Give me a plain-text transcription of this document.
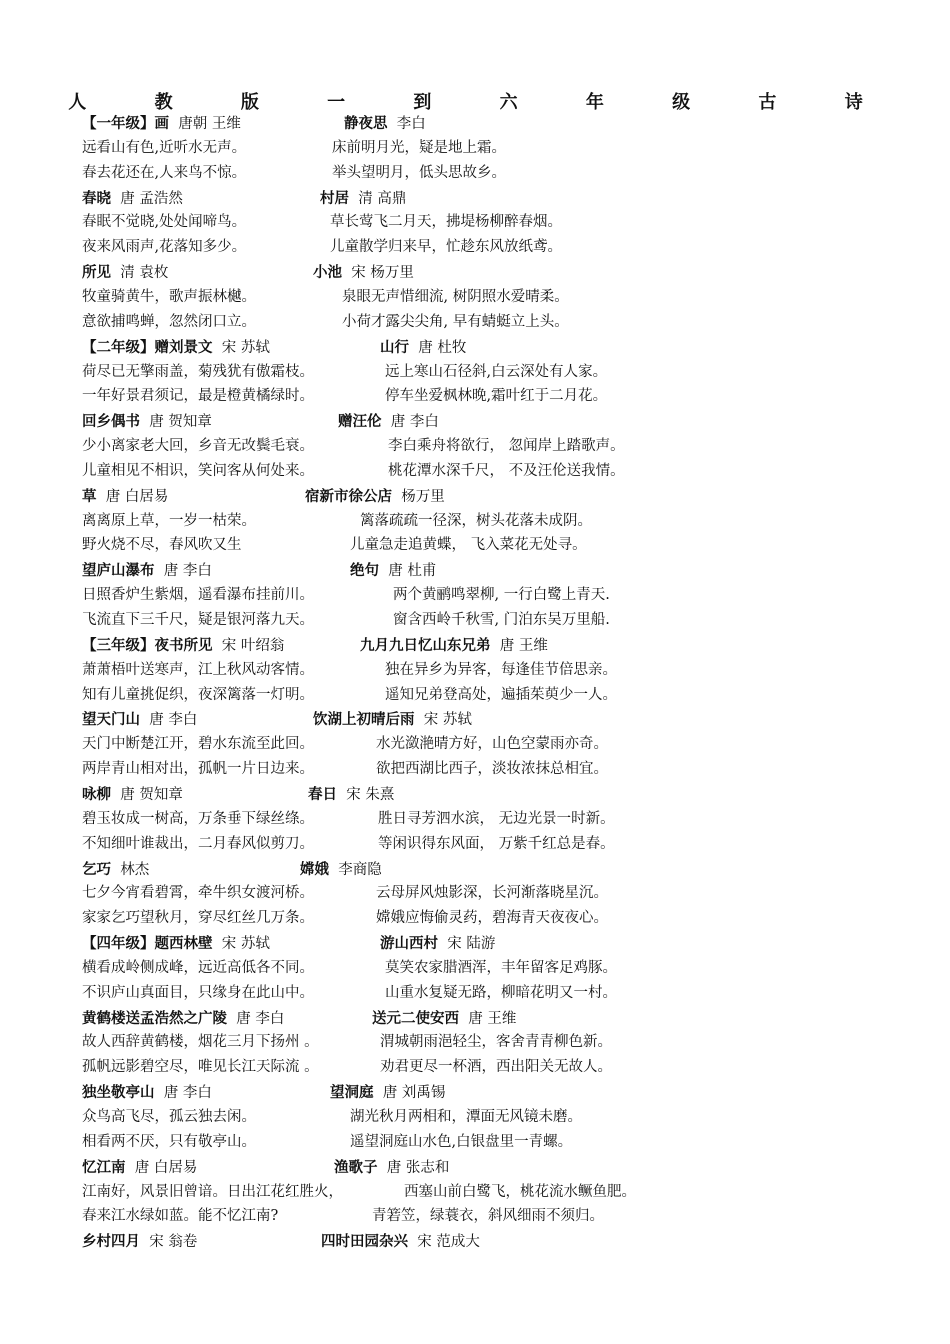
人 教 版 一 到 六 年 级 古 诗
【一年级】画  唐朝 王维	静夜思  李白
远看山有色,近听水无声。	床前明月光，疑是地上霜。
春去花还在,人来鸟不惊。	举头望明月，低头思故乡。
春晓  唐 孟浩然	村居  清 高鼎
春眠不觉晓,处处闻啼鸟。	草长莺飞二月天，拂堤杨柳醉春烟。
夜来风雨声,花落知多少。	儿童散学归来早，忙趁东风放纸鸢。
所见  清 袁枚	小池  宋 杨万里
牧童骑黄牛，歌声振林樾。	泉眼无声惜细流, 树阴照水爱晴柔。
意欲捕鸣蝉，忽然闭口立。	小荷才露尖尖角, 早有蜻蜓立上头。
【二年级】赠刘景文  宋 苏轼	山行  唐 杜牧
荷尽已无擎雨盖，菊残犹有傲霜枝。	远上寒山石径斜,白云深处有人家。
一年好景君须记，最是橙黄橘绿时。	停车坐爱枫林晚,霜叶红于二月花。
回乡偶书  唐 贺知章	赠汪伦  唐 李白
少小离家老大回，乡音无改鬓毛衰。	李白乘舟将欲行， 忽闻岸上踏歌声。
儿童相见不相识，笑问客从何处来。	桃花潭水深千尺， 不及汪伦送我情。
草  唐 白居易	宿新市徐公店  杨万里
离离原上草，一岁一枯荣。	篱落疏疏一径深，树头花落未成阴。
野火烧不尽，春风吹又生	儿童急走追黄蝶， 飞入菜花无处寻。
望庐山瀑布  唐 李白	绝句  唐 杜甫
日照香炉生紫烟，遥看瀑布挂前川。	两个黄鹂鸣翠柳, 一行白鹭上青天.
飞流直下三千尺，疑是银河落九天。	窗含西岭千秋雪, 门泊东吴万里船.
【三年级】夜书所见  宋 叶绍翁	九月九日忆山东兄弟  唐 王维
萧萧梧叶送寒声，江上秋风动客情。	独在异乡为异客，每逢佳节倍思亲。
知有儿童挑促织，夜深篱落一灯明。	遥知兄弟登高处，遍插茱萸少一人。
望天门山  唐 李白	饮湖上初晴后雨  宋 苏轼
天门中断楚江开，碧水东流至此回。	水光潋滟晴方好，山色空蒙雨亦奇。
两岸青山相对出，孤帆一片日边来。	欲把西湖比西子，淡妆浓抹总相宜。
咏柳  唐 贺知章	春日  宋 朱熹
碧玉妆成一树高，万条垂下绿丝绦。	胜日寻芳泗水滨， 无边光景一时新。
不知细叶谁裁出，二月春风似剪刀。	等闲识得东风面， 万紫千红总是春。
乞巧  林杰	嫦娥  李商隐
七夕今宵看碧霄，牵牛织女渡河桥。	云母屏风烛影深，长河渐落晓星沉。
家家乞巧望秋月，穿尽红丝几万条。	嫦娥应悔偷灵药，碧海青天夜夜心。
【四年级】题西林壁  宋 苏轼	游山西村  宋 陆游
横看成岭侧成峰，远近高低各不同。	莫笑农家腊酒浑，丰年留客足鸡豚。
不识庐山真面目，只缘身在此山中。	山重水复疑无路，柳暗花明又一村。
黄鹤楼送孟浩然之广陵  唐 李白	送元二使安西  唐 王维
故人西辞黄鹤楼，烟花三月下扬州 。	渭城朝雨浥轻尘，客舍青青柳色新。
孤帆远影碧空尽，唯见长江天际流 。	劝君更尽一杯酒，西出阳关无故人。
独坐敬亭山  唐 李白	望洞庭  唐 刘禹锡
众鸟高飞尽，孤云独去闲。	湖光秋月两相和，潭面无风镜未磨。
相看两不厌，只有敬亭山。	遥望洞庭山水色,白银盘里一青螺。
忆江南  唐 白居易	渔歌子  唐 张志和
江南好，风景旧曾谙。日出江花红胜火，	西塞山前白鹭飞，桃花流水鳜鱼肥。
春来江水绿如蓝。能不忆江南?	青箬笠，绿蓑衣，斜风细雨不须归。
乡村四月  宋 翁卷	四时田园杂兴  宋 范成大
